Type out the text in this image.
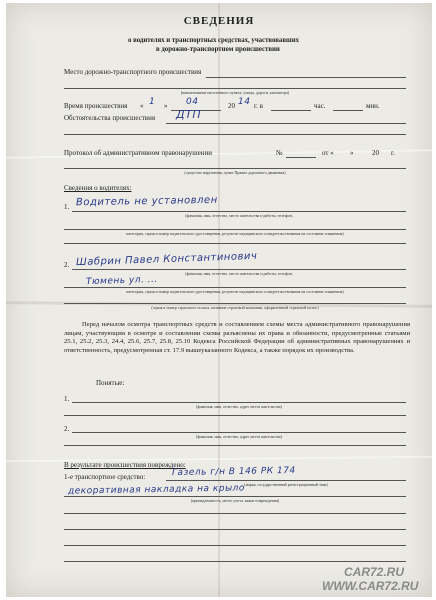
СВЕДЕНИЯ
о водителях и транспортных средствах, участвовавших
в дорожно-транспортном происшествии
Место дорожно-транспортного происшествия
(наименование населенного пункта, улицы, дороги, километра)
Время происшествия « 1 » 04	20 14 г. в	час.	мин.
Обстоятельства происшествия ДТП
Протокол об административном правонарушении	№	от « »	20 г.
(существо нарушения, пункт Правил дорожного движения)
Сведения о водителях:
1. Водитель не установлен
(фамилия, имя, отчество, место жительства и работы, телефон,
категория, серия и номер водительского удостоверения, результат медицинского освидетельствования на состояние опьянения)
2. Шабрин Павел Константинович
(фамилия, имя, отчество, место жительства и работы, телефон,
Тюмень ул. ...
категория, серия и номер водительского удостоверения, результат медицинского освидетельствования на состояние опьянения)
(серия и номер страхового полиса, название страховой компании, оформленный страховой полис)
Перед началом осмотра транспортных средств и составлением схемы места административного правонарушения лицам, участвующим в осмотре и составлении схемы разъяснены их права и обязанности, предусмотренные статьями 25.1, 25.2, 25.3, 24.4, 25.6, 25.7, 25.8, 25.10 Кодекса Российской Федерации об административных правонарушениях и ответственность, предусмотренная ст. 17.9 вышеуказанного Кодекса, а также порядок их производства.
Понятые:
1.
(фамилия, имя, отчество, адрес места жительства)
2.
(фамилия, имя, отчество, адрес места жительства)
В результате происшествия повреждено:
1-е транспортное средство:	Газель г/н В 146 РК 174
(марка, государственный регистрационный знак)
декоративная накладка на крыло
(принадлежность, место учета, какие повреждения)
CAR72.RU
WWW.CAR72.RU
